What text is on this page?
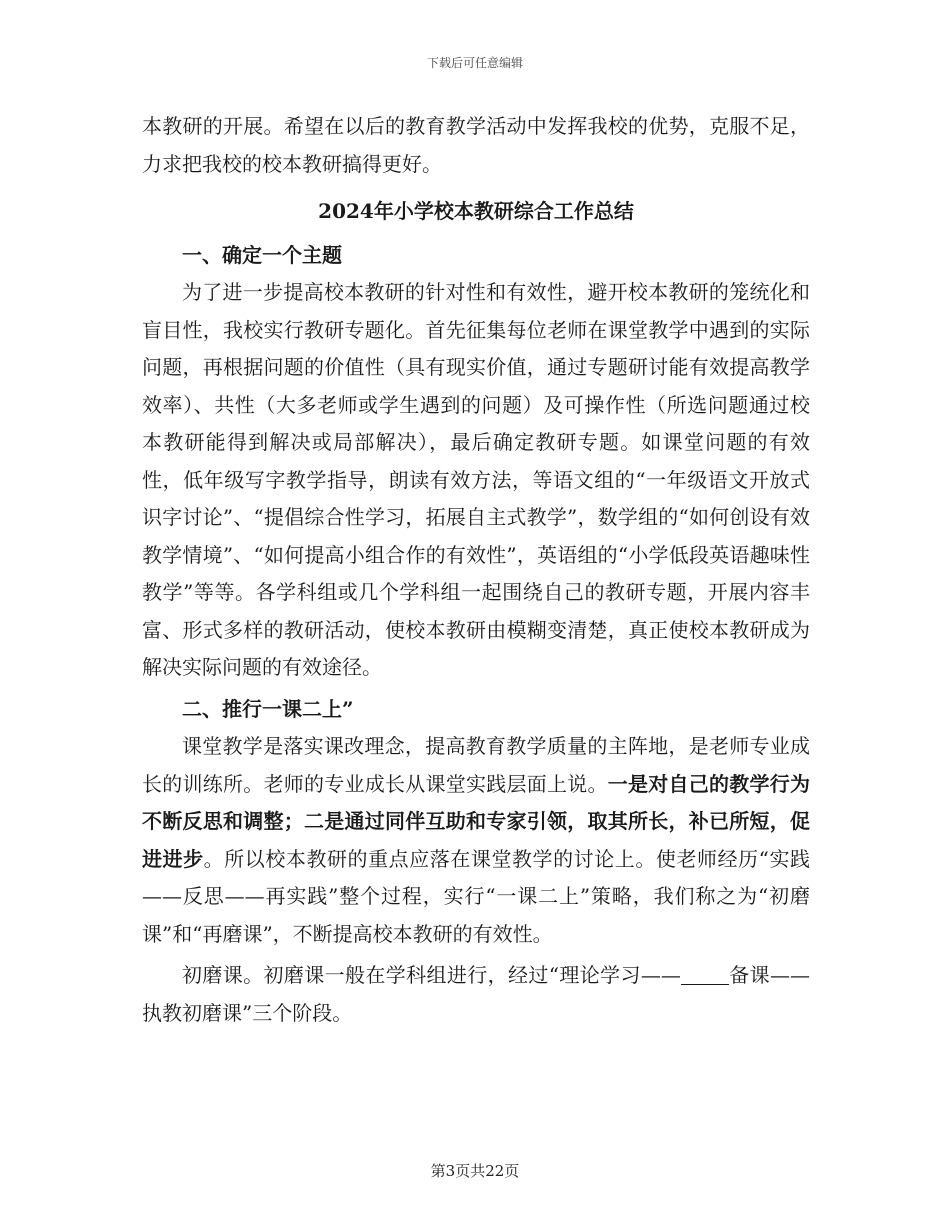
下载后可任意编辑

本教研的开展。希望在以后的教育教学活动中发挥我校的优势，克服不足，力求把我校的校本教研搞得更好。

2024年小学校本教研综合工作总结
一、确定一个主题

为了进一步提高校本教研的针对性和有效性，避开校本教研的笼统化和盲目性，我校实行教研专题化。首先征集每位老师在课堂教学中遇到的实际问题，再根据问题的价值性（具有现实价值，通过专题研讨能有效提高教学效率）、共性（大多老师或学生遇到的问题）及可操作性（所选问题通过校本教研能得到解决或局部解决），最后确定教研专题。如课堂问题的有效性，低年级写字教学指导，朗读有效方法，等语文组的“一年级语文开放式识字讨论”、“提倡综合性学习，拓展自主式教学”，数学组的“如何创设有效教学情境”、“如何提高小组合作的有效性”，英语组的“小学低段英语趣味性教学”等等。各学科组或几个学科组一起围绕自己的教研专题，开展内容丰富、形式多样的教研活动，使校本教研由模糊变清楚，真正使校本教研成为解决实际问题的有效途径。

二、推行一课二上”

课堂教学是落实课改理念，提高教育教学质量的主阵地，是老师专业成长的训练所。老师的专业成长从课堂实践层面上说。一是对自己的教学行为不断反思和调整；二是通过同伴互助和专家引领，取其所长，补已所短，促进进步。所以校本教研的重点应落在课堂教学的讨论上。使老师经历“实践——反思——再实践”整个过程，实行“一课二上”策略，我们称之为“初磨课”和“再磨课”，不断提高校本教研的有效性。

初磨课。初磨课一般在学科组进行，经过“理论学习—— 备课——执教初磨课”三个阶段。

第3页共22页
